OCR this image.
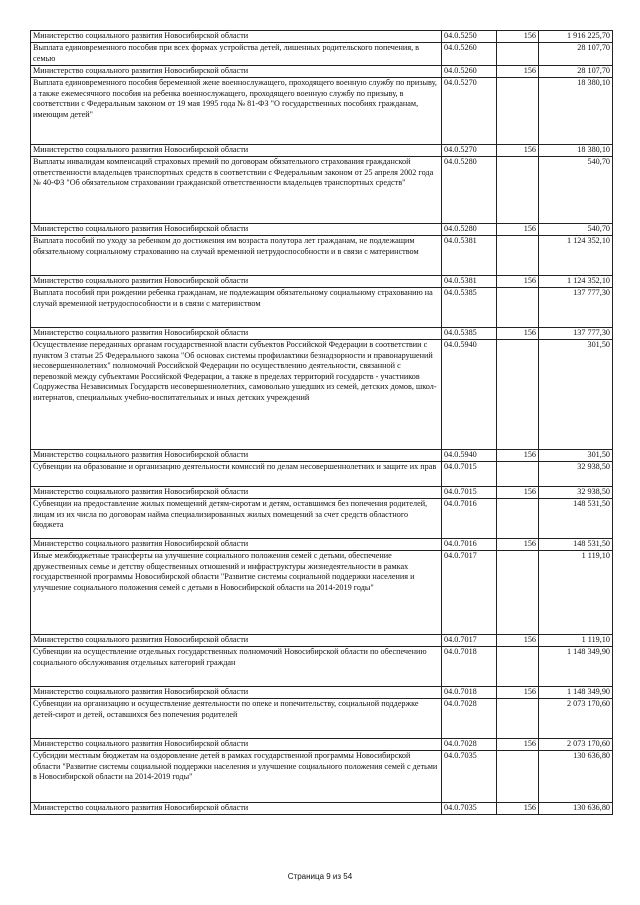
Министерство социального развития Новосибирской области	04.0.5250	156	1 916 225,70
Выплата единовременного пособия при всех формах устройства детей, лишенных родительского попечения, в семью	04.0.5260		28 107,70
Министерство социального развития Новосибирской области	04.0.5260	156	28 107,70
Выплата единовременного пособия беременной жене военнослужащего, проходящего военную службу по призыву, а также ежемесячного пособия на ребенка военнослужащего, проходящего военную службу по призыву, в соответствии с Федеральным законом от 19 мая 1995 года № 81-ФЗ "О государственных пособиях гражданам, имеющим детей"	04.0.5270		18 380,10
Министерство социального развития Новосибирской области	04.0.5270	156	18 380,10
Выплаты инвалидам компенсаций страховых премий по договорам обязательного страхования гражданской ответственности владельцев транспортных средств в соответствии с Федеральным законом от 25 апреля 2002 года № 40-ФЗ "Об обязательном страховании гражданской ответственности владельцев транспортных средств"	04.0.5280		540,70
Министерство социального развития Новосибирской области	04.0.5280	156	540,70
Выплата пособий по уходу за ребенком до достижения им возраста полутора лет гражданам, не подлежащим обязательному социальному страхованию на случай временной нетрудоспособности и в связи с материнством	04.0.5381		1 124 352,10
Министерство социального развития Новосибирской области	04.0.5381	156	1 124 352,10
Выплата пособий при рождении ребенка гражданам, не подлежащим обязательному социальному страхованию на случай временной нетрудоспособности и в связи с материнством	04.0.5385		137 777,30
Министерство социального развития Новосибирской области	04.0.5385	156	137 777,30
Осуществление переданных органам государственной власти субъектов Российской Федерации в соответствии с пунктом 3 статьи 25 Федерального закона "Об основах системы профилактики безнадзорности и правонарушений несовершеннолетних" полномочий Российской Федерации по осуществлению деятельности, связанной с перевозкой между субъектами Российской Федерации, а также в пределах территорий государств - участников Содружества Независимых Государств несовершеннолетних, самовольно ушедших из семей, детских домов, школ-интернатов, специальных учебно-воспитательных и иных детских учреждений	04.0.5940		301,50
Министерство социального развития Новосибирской области	04.0.5940	156	301,50
Субвенции на образование и организацию деятельности комиссий по делам несовершеннолетних и защите их прав	04.0.7015		32 938,50
Министерство социального развития Новосибирской области	04.0.7015	156	32 938,50
Субвенции на предоставление жилых помещений детям-сиротам и детям, оставшимся без попечения родителей, лицам из их числа по договорам найма специализированных жилых помещений за счет средств областного бюджета	04.0.7016		148 531,50
Министерство социального развития Новосибирской области	04.0.7016	156	148 531,50
Иные межбюджетные трансферты на улучшение социального положения семей с детьми, обеспечение дружественных семье и детству общественных отношений и инфраструктуры жизнедеятельности в рамках государственной программы Новосибирской области "Развитие системы социальной поддержки населения и улучшение социального положения семей с детьми в Новосибирской области на 2014-2019 годы"	04.0.7017		1 119,10
Министерство социального развития Новосибирской области	04.0.7017	156	1 119,10
Субвенции на осуществление отдельных государственных полномочий Новосибирской области по обеспечению социального обслуживания отдельных категорий граждан	04.0.7018		1 148 349,90
Министерство социального развития Новосибирской области	04.0.7018	156	1 148 349,90
Субвенции на организацию и осуществление деятельности по опеке и попечительству, социальной поддержке детей-сирот и детей, оставшихся без попечения родителей	04.0.7028		2 073 170,60
Министерство социального развития Новосибирской области	04.0.7028	156	2 073 170,60
Субсидии местным бюджетам на оздоровление детей в рамках государственной программы Новосибирской области "Развитие системы социальной поддержки населения и улучшение социального положения семей с детьми в Новосибирской области на 2014-2019 годы"	04.0.7035		130 636,80
Министерство социального развития Новосибирской области	04.0.7035	156	130 636,80
Страница 9 из 54
